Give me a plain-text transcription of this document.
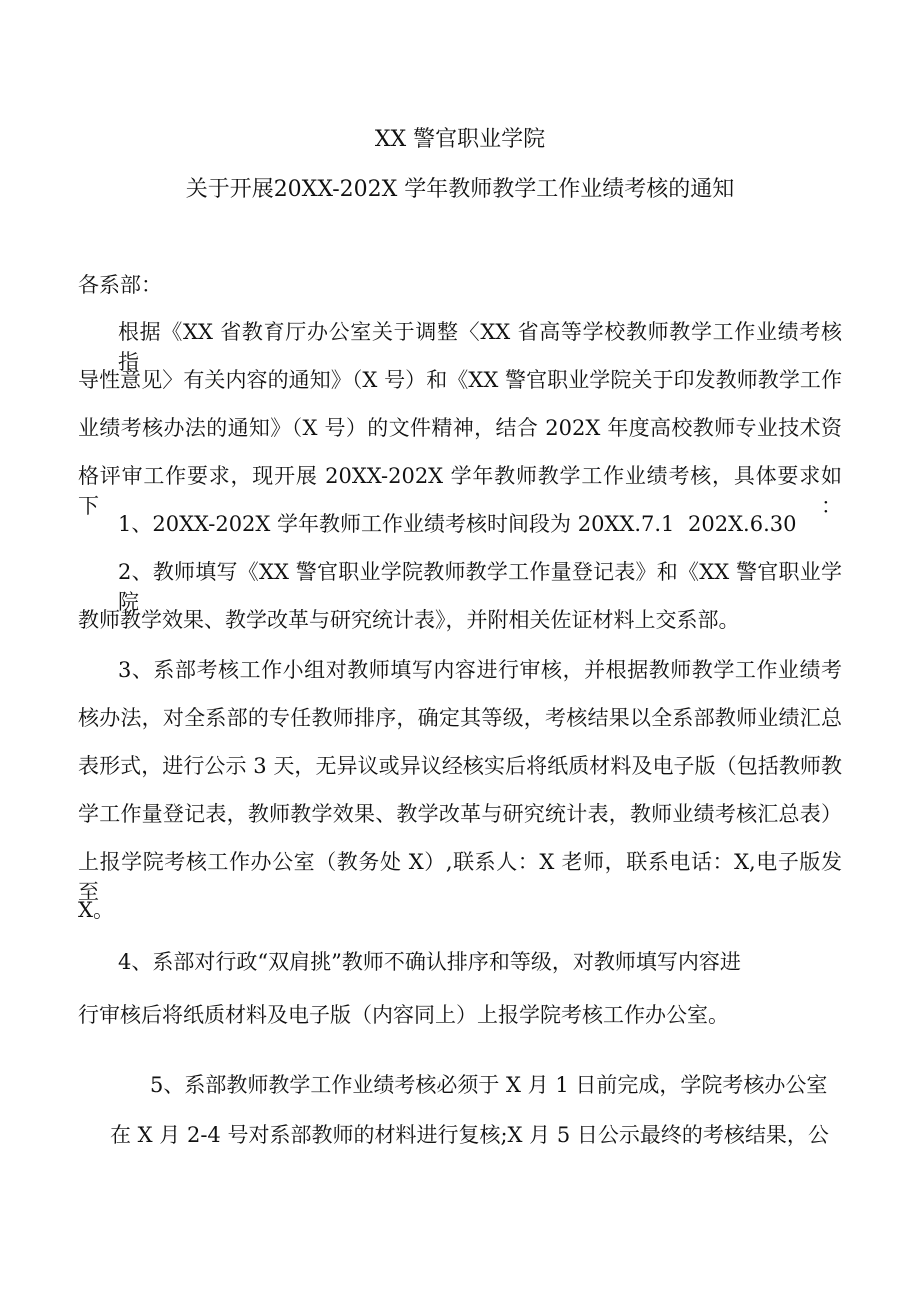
XX 警官职业学院
关于开展20XX-202X 学年教师教学工作业绩考核的通知
各系部：
根据《XX 省教育厅办公室关于调整〈XX 省高等学校教师教学工作业绩考核指
导性意见〉有关内容的通知》（X 号）和《XX 警官职业学院关于印发教师教学工作
业绩考核办法的通知》（X 号）的文件精神，结合 202X 年度高校教师专业技术资
格评审工作要求，现开展 20XX-202X 学年教师教学工作业绩考核，具体要求如下：
1、20XX-202X 学年教师工作业绩考核时间段为 20XX.7.1 202X.6.30
2、教师填写《XX 警官职业学院教师教学工作量登记表》和《XX 警官职业学院
教师教学效果、教学改革与研究统计表》，并附相关佐证材料上交系部。
3、系部考核工作小组对教师填写内容进行审核，并根据教师教学工作业绩考
核办法，对全系部的专任教师排序，确定其等级，考核结果以全系部教师业绩汇总
表形式，进行公示 3 天，无异议或异议经核实后将纸质材料及电子版（包括教师教
学工作量登记表，教师教学效果、教学改革与研究统计表，教师业绩考核汇总表）
上报学院考核工作办公室（教务处 X）,联系人：X 老师，联系电话：X,电子版发至
X。
4、系部对行政“双肩挑”教师不确认排序和等级，对教师填写内容进
行审核后将纸质材料及电子版（内容同上）上报学院考核工作办公室。
5、系部教师教学工作业绩考核必须于 X 月 1 日前完成，学院考核办公室
在 X 月 2-4 号对系部教师的材料进行复核;X 月 5 日公示最终的考核结果，公
